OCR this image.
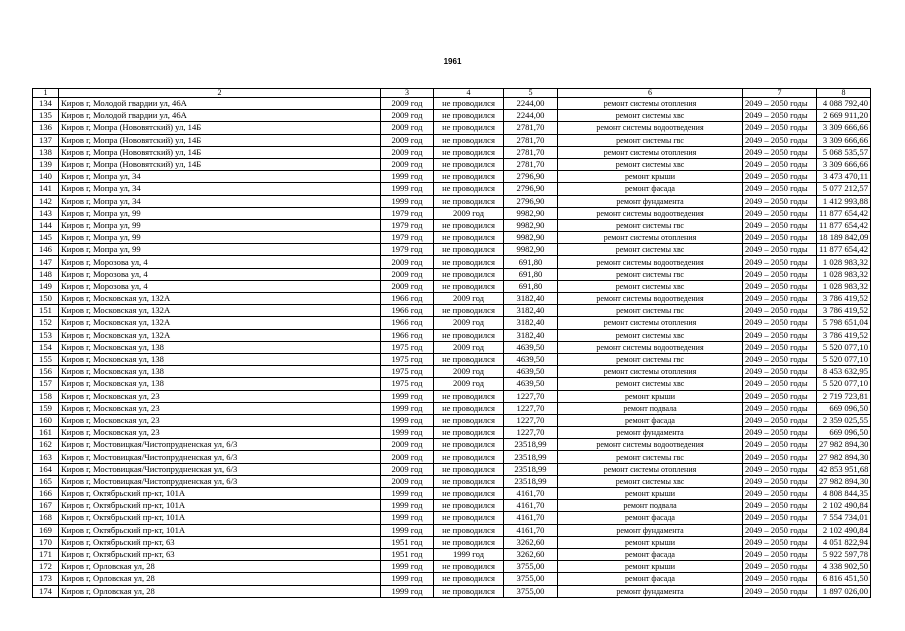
1961
1	2	3	4	5	6	7	8
134	Киров г, Молодой гвардии ул, 46А	2009 год	не проводился	2244,00	ремонт системы отопления	2049 – 2050 годы	4 088 792,40
135	Киров г, Молодой гвардии ул, 46А	2009 год	не проводился	2244,00	ремонт системы хвс	2049 – 2050 годы	2 669 911,20
136	Киров г, Мопра (Нововятский) ул, 14Б	2009 год	не проводился	2781,70	ремонт системы водоотведения	2049 – 2050 годы	3 309 666,66
137	Киров г, Мопра (Нововятский) ул, 14Б	2009 год	не проводился	2781,70	ремонт системы гвс	2049 – 2050 годы	3 309 666,66
138	Киров г, Мопра (Нововятский) ул, 14Б	2009 год	не проводился	2781,70	ремонт системы отопления	2049 – 2050 годы	5 068 535,57
139	Киров г, Мопра (Нововятский) ул, 14Б	2009 год	не проводился	2781,70	ремонт системы хвс	2049 – 2050 годы	3 309 666,66
140	Киров г, Мопра ул, 34	1999 год	не проводился	2796,90	ремонт крыши	2049 – 2050 годы	3 473 470,11
141	Киров г, Мопра ул, 34	1999 год	не проводился	2796,90	ремонт фасада	2049 – 2050 годы	5 077 212,57
142	Киров г, Мопра ул, 34	1999 год	не проводился	2796,90	ремонт фундамента	2049 – 2050 годы	1 412 993,88
143	Киров г, Мопра ул, 99	1979 год	2009 год	9982,90	ремонт системы водоотведения	2049 – 2050 годы	11 877 654,42
144	Киров г, Мопра ул, 99	1979 год	не проводился	9982,90	ремонт системы гвс	2049 – 2050 годы	11 877 654,42
145	Киров г, Мопра ул, 99	1979 год	не проводился	9982,90	ремонт системы отопления	2049 – 2050 годы	18 189 842,09
146	Киров г, Мопра ул, 99	1979 год	не проводился	9982,90	ремонт системы хвс	2049 – 2050 годы	11 877 654,42
147	Киров г, Морозова ул, 4	2009 год	не проводился	691,80	ремонт системы водоотведения	2049 – 2050 годы	1 028 983,32
148	Киров г, Морозова ул, 4	2009 год	не проводился	691,80	ремонт системы гвс	2049 – 2050 годы	1 028 983,32
149	Киров г, Морозова ул, 4	2009 год	не проводился	691,80	ремонт системы хвс	2049 – 2050 годы	1 028 983,32
150	Киров г, Московская ул, 132А	1966 год	2009 год	3182,40	ремонт системы водоотведения	2049 – 2050 годы	3 786 419,52
151	Киров г, Московская ул, 132А	1966 год	не проводился	3182,40	ремонт системы гвс	2049 – 2050 годы	3 786 419,52
152	Киров г, Московская ул, 132А	1966 год	2009 год	3182,40	ремонт системы отопления	2049 – 2050 годы	5 798 651,04
153	Киров г, Московская ул, 132А	1966 год	не проводился	3182,40	ремонт системы хвс	2049 – 2050 годы	3 786 419,52
154	Киров г, Московская ул, 138	1975 год	2009 год	4639,50	ремонт системы водоотведения	2049 – 2050 годы	5 520 077,10
155	Киров г, Московская ул, 138	1975 год	не проводился	4639,50	ремонт системы гвс	2049 – 2050 годы	5 520 077,10
156	Киров г, Московская ул, 138	1975 год	2009 год	4639,50	ремонт системы отопления	2049 – 2050 годы	8 453 632,95
157	Киров г, Московская ул, 138	1975 год	2009 год	4639,50	ремонт системы хвс	2049 – 2050 годы	5 520 077,10
158	Киров г, Московская ул, 23	1999 год	не проводился	1227,70	ремонт крыши	2049 – 2050 годы	2 719 723,81
159	Киров г, Московская ул, 23	1999 год	не проводился	1227,70	ремонт подвала	2049 – 2050 годы	669 096,50
160	Киров г, Московская ул, 23	1999 год	не проводился	1227,70	ремонт фасада	2049 – 2050 годы	2 359 025,55
161	Киров г, Московская ул, 23	1999 год	не проводился	1227,70	ремонт фундамента	2049 – 2050 годы	669 096,50
162	Киров г, Мостовицкая/Чистопрудненская ул, 6/3	2009 год	не проводился	23518,99	ремонт системы водоотведения	2049 – 2050 годы	27 982 894,30
163	Киров г, Мостовицкая/Чистопрудненская ул, 6/3	2009 год	не проводился	23518,99	ремонт системы гвс	2049 – 2050 годы	27 982 894,30
164	Киров г, Мостовицкая/Чистопрудненская ул, 6/3	2009 год	не проводился	23518,99	ремонт системы отопления	2049 – 2050 годы	42 853 951,68
165	Киров г, Мостовицкая/Чистопрудненская ул, 6/3	2009 год	не проводился	23518,99	ремонт системы хвс	2049 – 2050 годы	27 982 894,30
166	Киров г, Октябрьский пр-кт, 101А	1999 год	не проводился	4161,70	ремонт крыши	2049 – 2050 годы	4 808 844,35
167	Киров г, Октябрьский пр-кт, 101А	1999 год	не проводился	4161,70	ремонт подвала	2049 – 2050 годы	2 102 490,84
168	Киров г, Октябрьский пр-кт, 101А	1999 год	не проводился	4161,70	ремонт фасада	2049 – 2050 годы	7 554 734,01
169	Киров г, Октябрьский пр-кт, 101А	1999 год	не проводился	4161,70	ремонт фундамента	2049 – 2050 годы	2 102 490,84
170	Киров г, Октябрьский пр-кт, 63	1951 год	не проводился	3262,60	ремонт крыши	2049 – 2050 годы	4 051 822,94
171	Киров г, Октябрьский пр-кт, 63	1951 год	1999 год	3262,60	ремонт фасада	2049 – 2050 годы	5 922 597,78
172	Киров г, Орловская ул, 28	1999 год	не проводился	3755,00	ремонт крыши	2049 – 2050 годы	4 338 902,50
173	Киров г, Орловская ул, 28	1999 год	не проводился	3755,00	ремонт фасада	2049 – 2050 годы	6 816 451,50
174	Киров г, Орловская ул, 28	1999 год	не проводился	3755,00	ремонт фундамента	2049 – 2050 годы	1 897 026,00
